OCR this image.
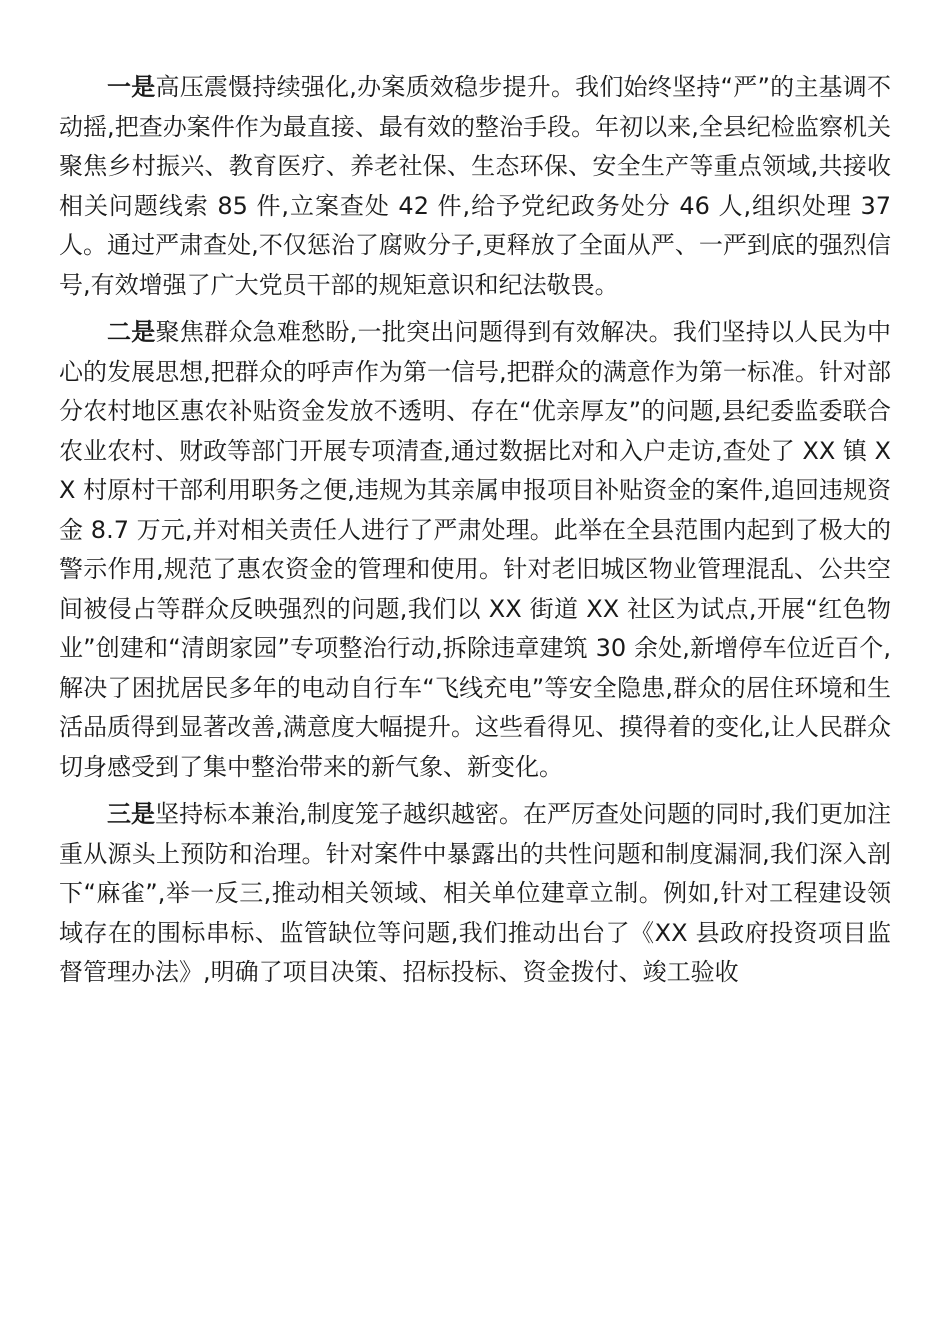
一是高压震慑持续强化,办案质效稳步提升。我们始终坚持“严”的主基调不动摇,把查办案件作为最直接、最有效的整治手段。年初以来,全县纪检监察机关聚焦乡村振兴、教育医疗、养老社保、生态环保、安全生产等重点领域,共接收相关问题线索 85 件,立案查处 42 件,给予党纪政务处分 46 人,组织处理 37 人。通过严肃查处,不仅惩治了腐败分子,更释放了全面从严、一严到底的强烈信号,有效增强了广大党员干部的规矩意识和纪法敬畏。

二是聚焦群众急难愁盼,一批突出问题得到有效解决。我们坚持以人民为中心的发展思想,把群众的呼声作为第一信号,把群众的满意作为第一标准。针对部分农村地区惠农补贴资金发放不透明、存在“优亲厚友”的问题,县纪委监委联合农业农村、财政等部门开展专项清查,通过数据比对和入户走访,查处了 XX 镇 XX 村原村干部利用职务之便,违规为其亲属申报项目补贴资金的案件,追回违规资金 8.7 万元,并对相关责任人进行了严肃处理。此举在全县范围内起到了极大的警示作用,规范了惠农资金的管理和使用。针对老旧城区物业管理混乱、公共空间被侵占等群众反映强烈的问题,我们以 XX 街道 XX 社区为试点,开展“红色物业”创建和“清朗家园”专项整治行动,拆除违章建筑 30 余处,新增停车位近百个,解决了困扰居民多年的电动自行车“飞线充电”等安全隐患,群众的居住环境和生活品质得到显著改善,满意度大幅提升。这些看得见、摸得着的变化,让人民群众切身感受到了集中整治带来的新气象、新变化。

三是坚持标本兼治,制度笼子越织越密。在严厉查处问题的同时,我们更加注重从源头上预防和治理。针对案件中暴露出的共性问题和制度漏洞,我们深入剖下“麻雀”,举一反三,推动相关领域、相关单位建章立制。例如,针对工程建设领域存在的围标串标、监管缺位等问题,我们推动出台了《XX 县政府投资项目监督管理办法》,明确了项目决策、招标投标、资金拨付、竣工验收
